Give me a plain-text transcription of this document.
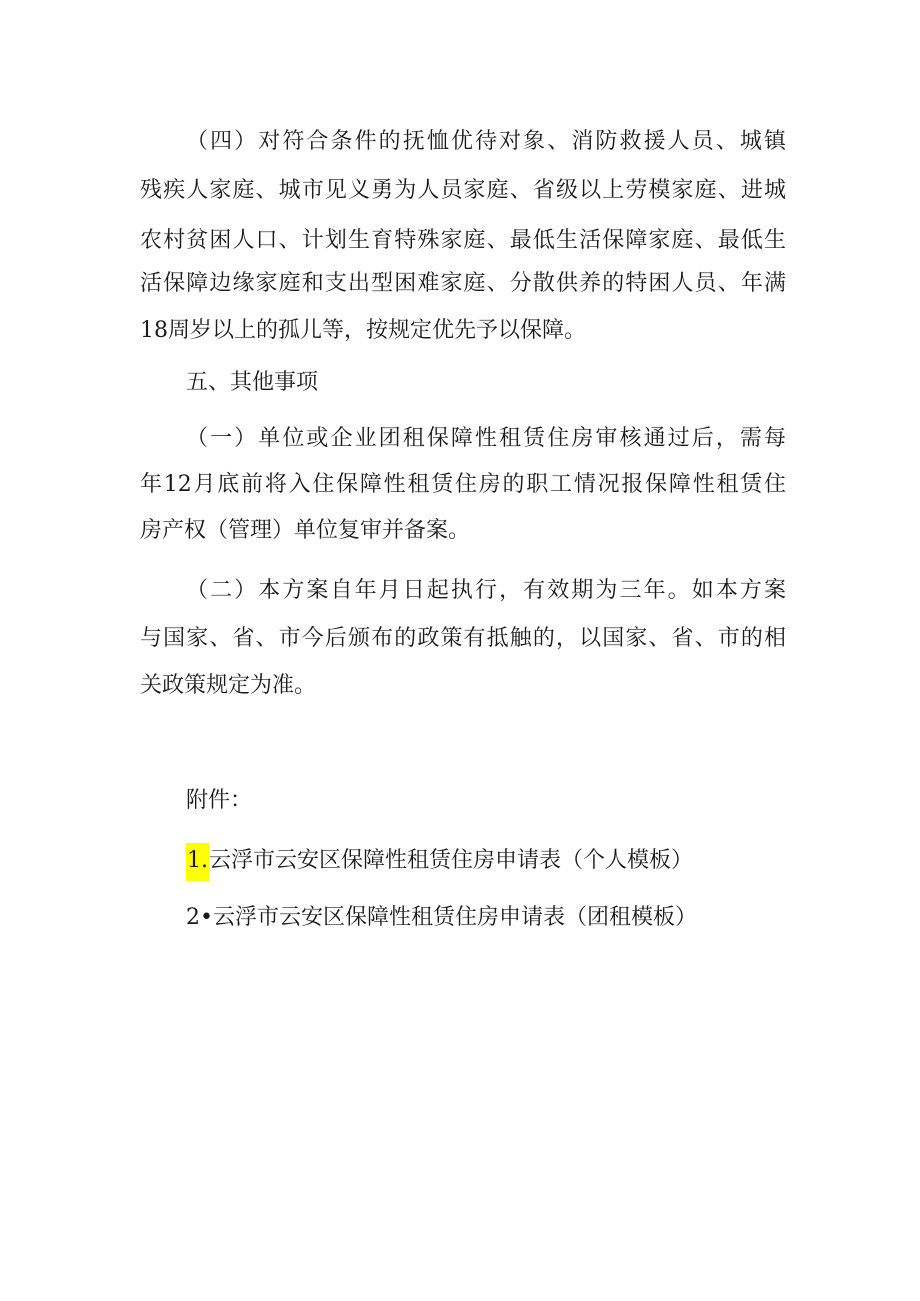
（四）对符合条件的抚恤优待对象、消防救援人员、城镇
残疾人家庭、城市见义勇为人员家庭、省级以上劳模家庭、进城
农村贫困人口、计划生育特殊家庭、最低生活保障家庭、最低生
活保障边缘家庭和支出型困难家庭、分散供养的特困人员、年满
18周岁以上的孤儿等，按规定优先予以保障。
五、其他事项
（一）单位或企业团租保障性租赁住房审核通过后，需每
年12月底前将入住保障性租赁住房的职工情况报保障性租赁住
房产权（管理）单位复审并备案。
（二）本方案自年月日起执行，有效期为三年。如本方案
与国家、省、市今后颁布的政策有抵触的，以国家、省、市的相
关政策规定为准。
附件：
1.云浮市云安区保障性租赁住房申请表（个人模板）
2•云浮市云安区保障性租赁住房申请表（团租模板）
